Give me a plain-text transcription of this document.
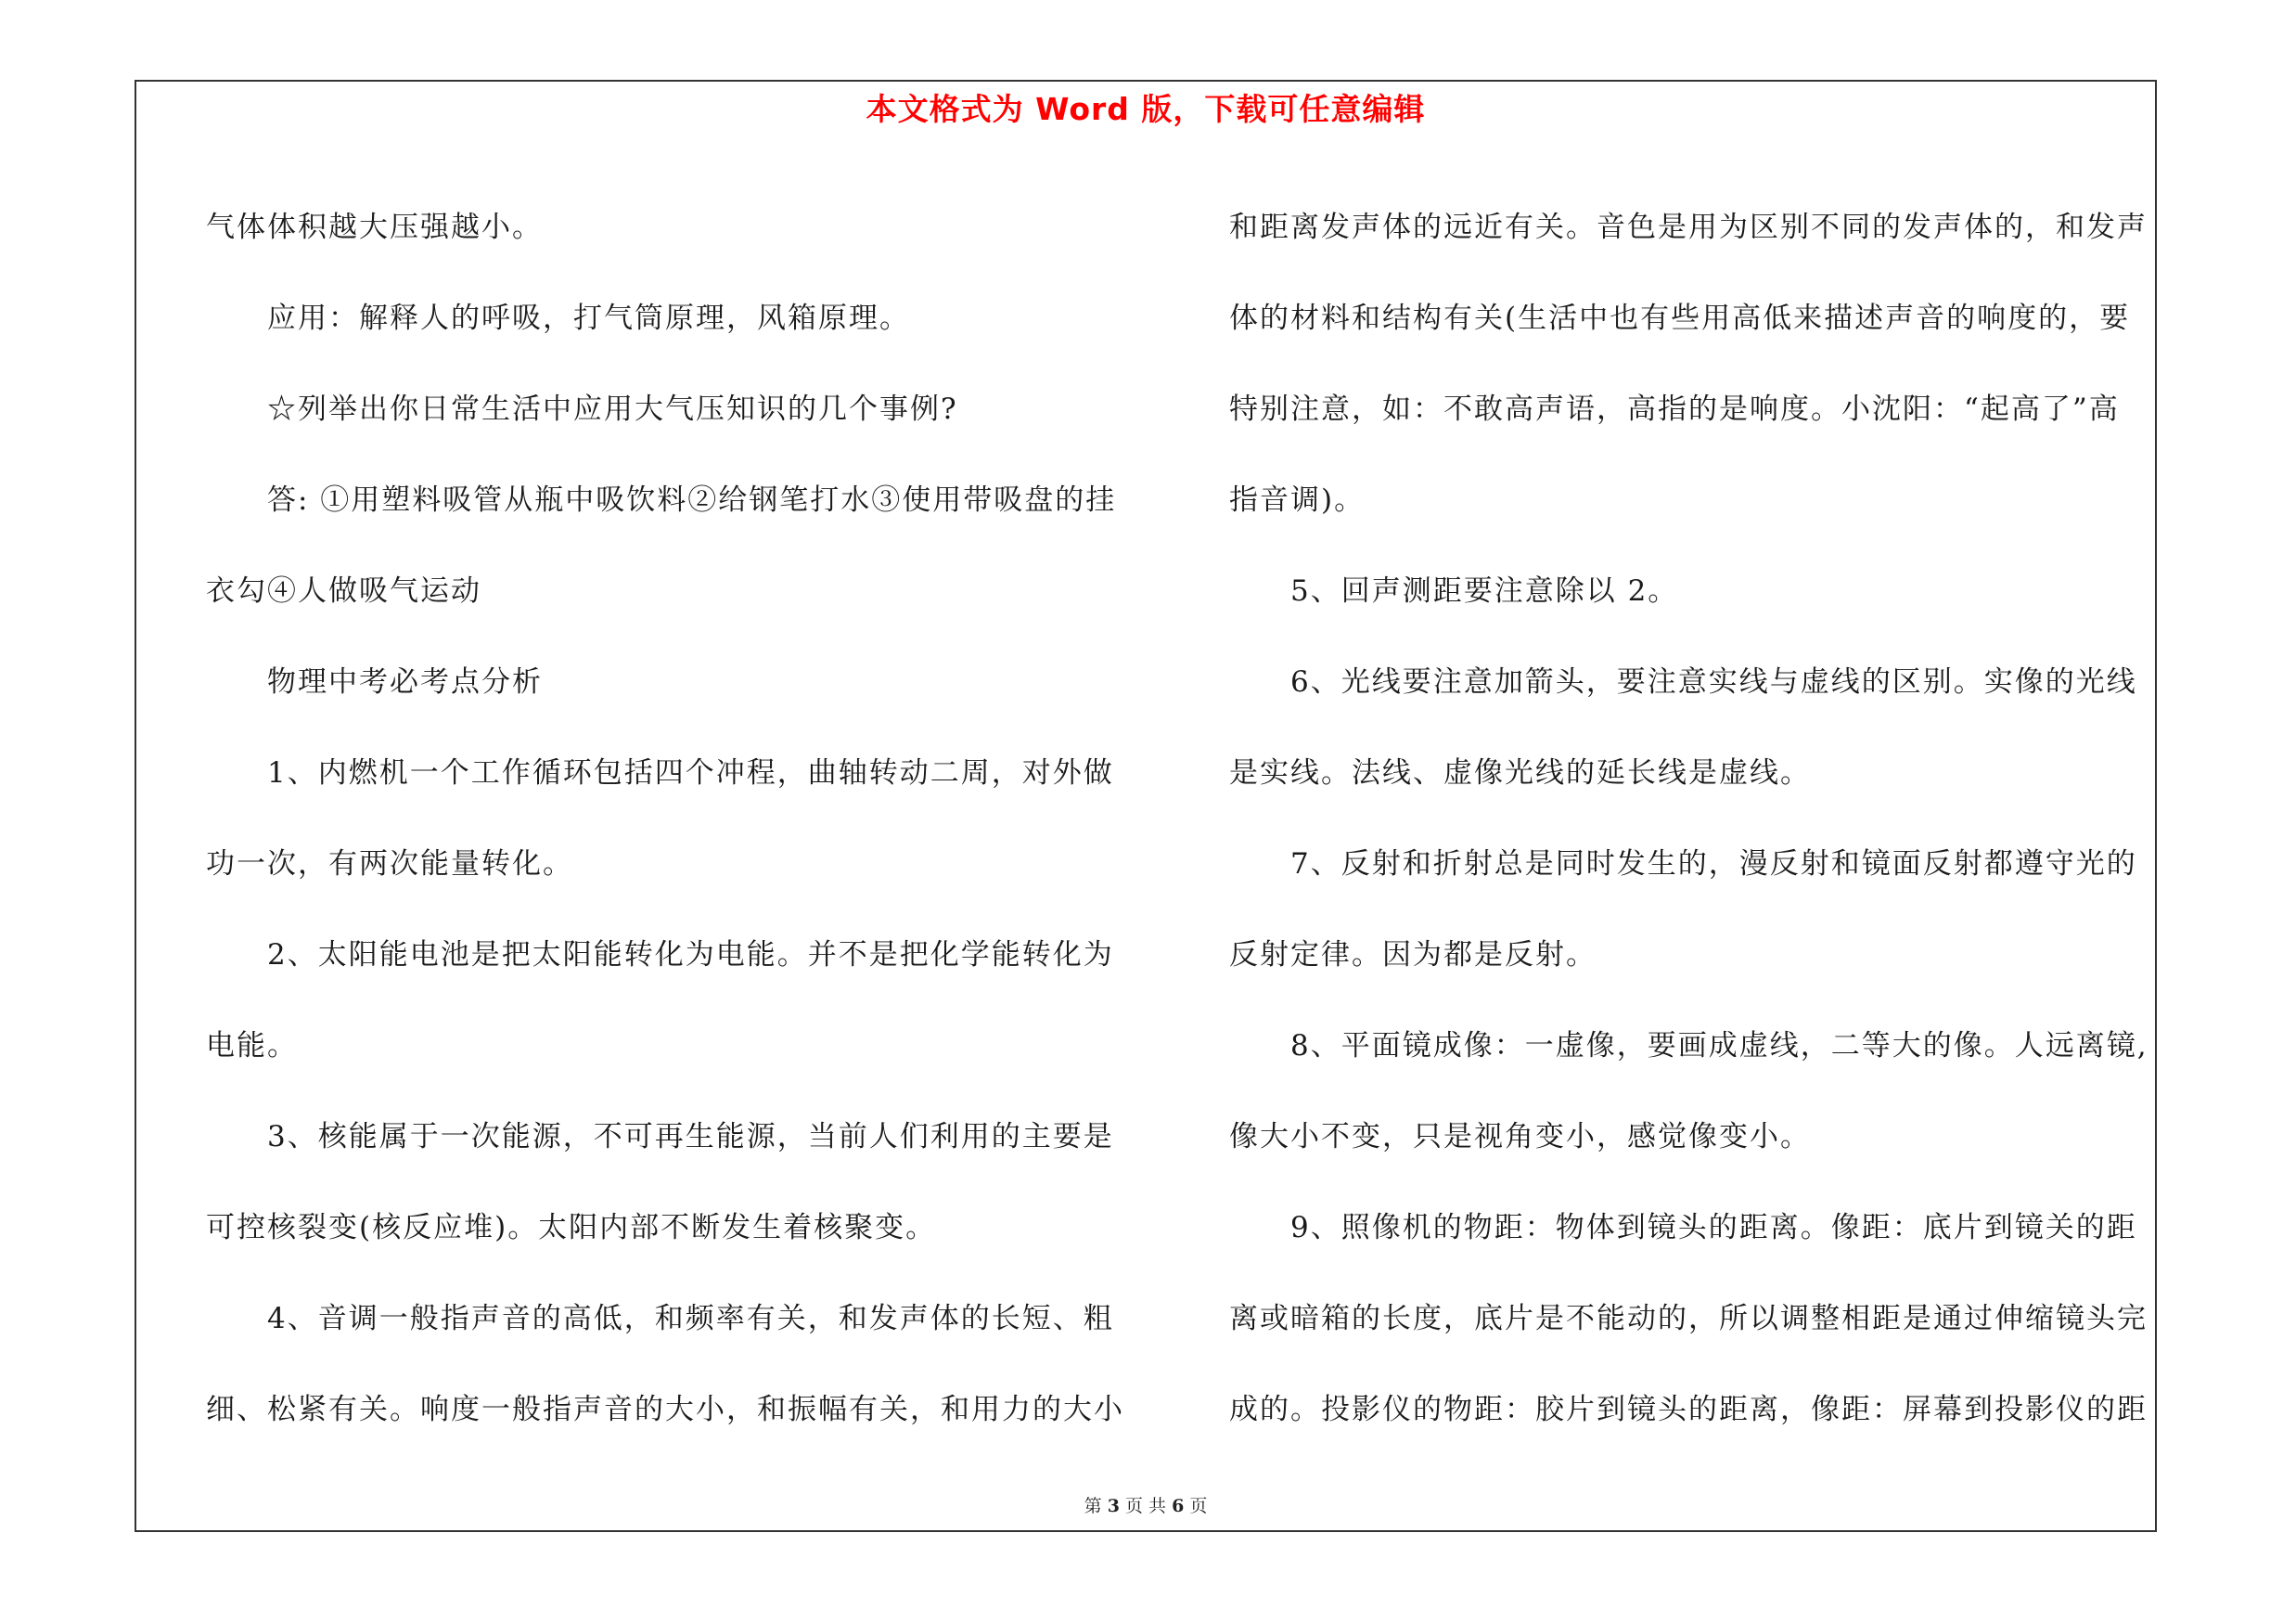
本文格式为 Word 版，下载可任意编辑
气体体积越大压强越小。
应用：解释人的呼吸，打气筒原理，风箱原理。
☆列举出你日常生活中应用大气压知识的几个事例?
答: ①用塑料吸管从瓶中吸饮料②给钢笔打水③使用带吸盘的挂
衣勾④人做吸气运动
物理中考必考点分析
1、内燃机一个工作循环包括四个冲程，曲轴转动二周，对外做
功一次，有两次能量转化。
2、太阳能电池是把太阳能转化为电能。并不是把化学能转化为
电能。
3、核能属于一次能源，不可再生能源，当前人们利用的主要是
可控核裂变(核反应堆)。太阳内部不断发生着核聚变。
4、音调一般指声音的高低，和频率有关，和发声体的长短、粗
细、松紧有关。响度一般指声音的大小，和振幅有关，和用力的大小
和距离发声体的远近有关。音色是用为区别不同的发声体的，和发声
体的材料和结构有关(生活中也有些用高低来描述声音的响度的，要
特别注意，如：不敢高声语，高指的是响度。小沈阳：“起高了”高
指音调)。
5、回声测距要注意除以 2。
6、光线要注意加箭头，要注意实线与虚线的区别。实像的光线
是实线。法线、虚像光线的延长线是虚线。
7、反射和折射总是同时发生的，漫反射和镜面反射都遵守光的
反射定律。因为都是反射。
8、平面镜成像：一虚像，要画成虚线，二等大的像。人远离镜,
像大小不变，只是视角变小，感觉像变小。
9、照像机的物距：物体到镜头的距离。像距：底片到镜关的距
离或暗箱的长度，底片是不能动的，所以调整相距是通过伸缩镜头完
成的。投影仪的物距：胶片到镜头的距离，像距：屏幕到投影仪的距
第 3 页 共 6 页
